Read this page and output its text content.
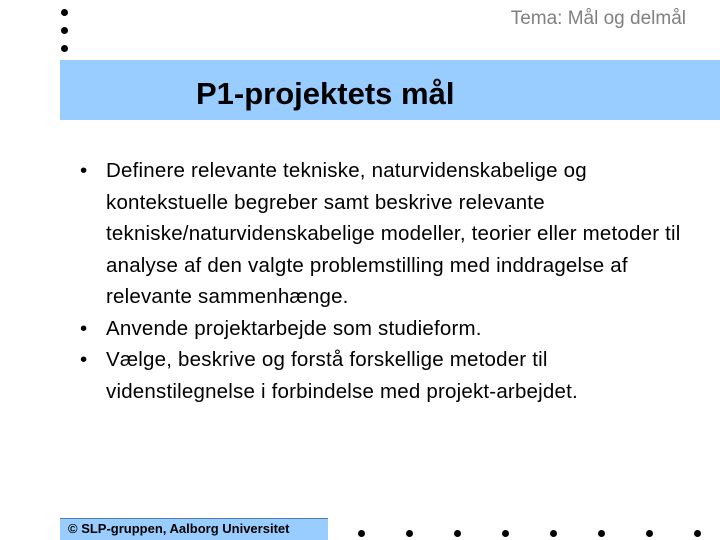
Tema: Mål og delmål
P1-projektets mål
• Definere relevante tekniske, naturvidenskabelige og kontekstuelle begreber samt beskrive relevante tekniske/naturvidenskabelige modeller, teorier eller metoder til analyse af den valgte problemstilling med inddragelse af relevante sammenhænge.
• Anvende projektarbejde som studieform.
• Vælge, beskrive og forstå forskellige metoder til videnstilegnelse i forbindelse med projekt-arbejdet.
© SLP-gruppen, Aalborg Universitet
